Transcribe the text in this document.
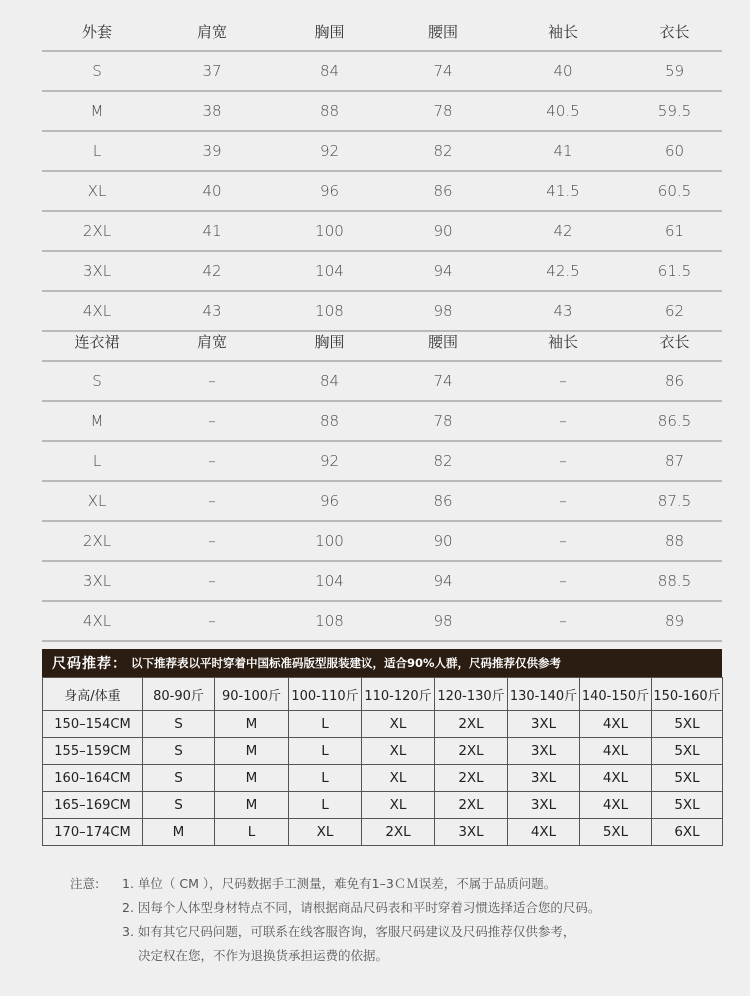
外套	肩宽	胸围	腰围	袖长	衣长
S	37	84	74	40	59
M	38	88	78	40.5	59.5
L	39	92	82	41	60
XL	40	96	86	41.5	60.5
2XL	41	100	90	42	61
3XL	42	104	94	42.5	61.5
4XL	43	108	98	43	62
连衣裙	肩宽	胸围	腰围	袖长	衣长
S	–	84	74	–	86
M	–	88	78	–	86.5
L	–	92	82	–	87
XL	–	96	86	–	87.5
2XL	–	100	90	–	88
3XL	–	104	94	–	88.5
4XL	–	108	98	–	89
尺码推荐： 以下推荐表以平时穿着中国标准码版型服装建议，适合90%人群，尺码推荐仅供参考
身高/体重	80-90斤	90-100斤	100-110斤	110-120斤	120-130斤	130-140斤	140-150斤	150-160斤
150–154CM	S	M	L	XL	2XL	3XL	4XL	5XL
155–159CM	S	M	L	XL	2XL	3XL	4XL	5XL
160–164CM	S	M	L	XL	2XL	3XL	4XL	5XL
165–169CM	S	M	L	XL	2XL	3XL	4XL	5XL
170–174CM	M	L	XL	2XL	3XL	4XL	5XL	6XL
注意:	1. 单位（ CM ），尺码数据手工测量，难免有1–3ＣＭ误差，不属于品质问题。
2. 因每个人体型身材特点不同，请根据商品尺码表和平时穿着习惯选择适合您的尺码。
3. 如有其它尺码问题，可联系在线客服咨询，客服尺码建议及尺码推荐仅供参考，
决定权在您，不作为退换货承担运费的依据。
